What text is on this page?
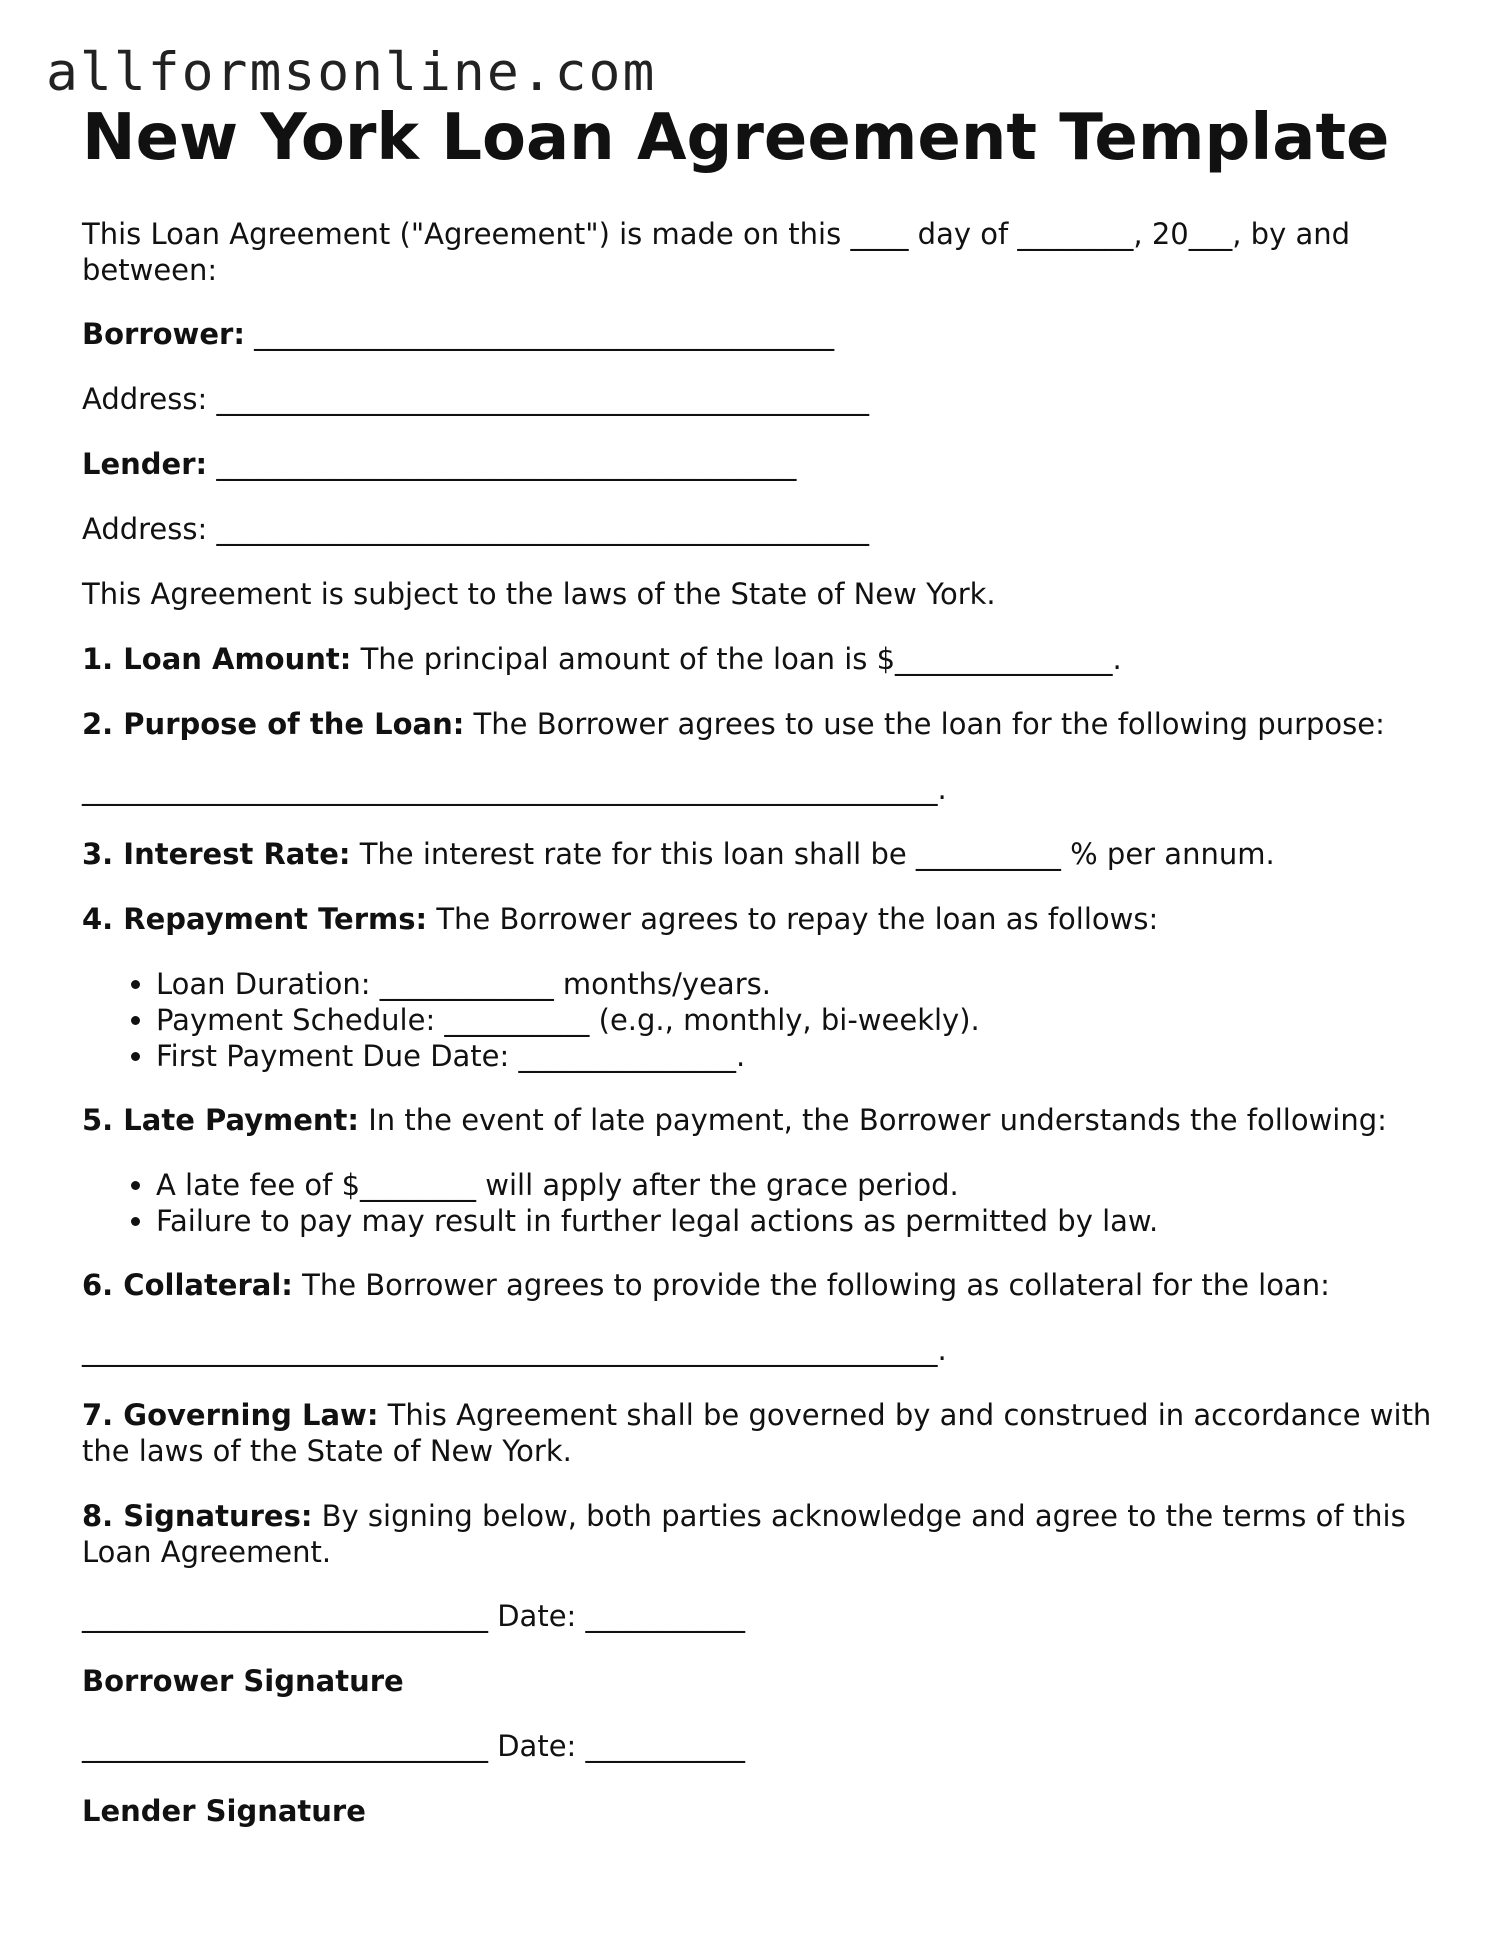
allformsonline.com
New York Loan Agreement Template

This Loan Agreement ("Agreement") is made on this ____ day of ________, 20___, by and between:

Borrower: ________________________________________

Address: _____________________________________________

Lender: ________________________________________

Address: _____________________________________________

This Agreement is subject to the laws of the State of New York.

1. Loan Amount: The principal amount of the loan is $_______________.

2. Purpose of the Loan: The Borrower agrees to use the loan for the following purpose:

___________________________________________________________.

3. Interest Rate: The interest rate for this loan shall be __________ % per annum.

4. Repayment Terms: The Borrower agrees to repay the loan as follows:

• Loan Duration: ____________ months/years.
• Payment Schedule: __________ (e.g., monthly, bi-weekly).
• First Payment Due Date: _______________.

5. Late Payment: In the event of late payment, the Borrower understands the following:

• A late fee of $________ will apply after the grace period.
• Failure to pay may result in further legal actions as permitted by law.

6. Collateral: The Borrower agrees to provide the following as collateral for the loan:

___________________________________________________________.

7. Governing Law: This Agreement shall be governed by and construed in accordance with the laws of the State of New York.

8. Signatures: By signing below, both parties acknowledge and agree to the terms of this Loan Agreement.

____________________________ Date: ___________

Borrower Signature

____________________________ Date: ___________

Lender Signature
